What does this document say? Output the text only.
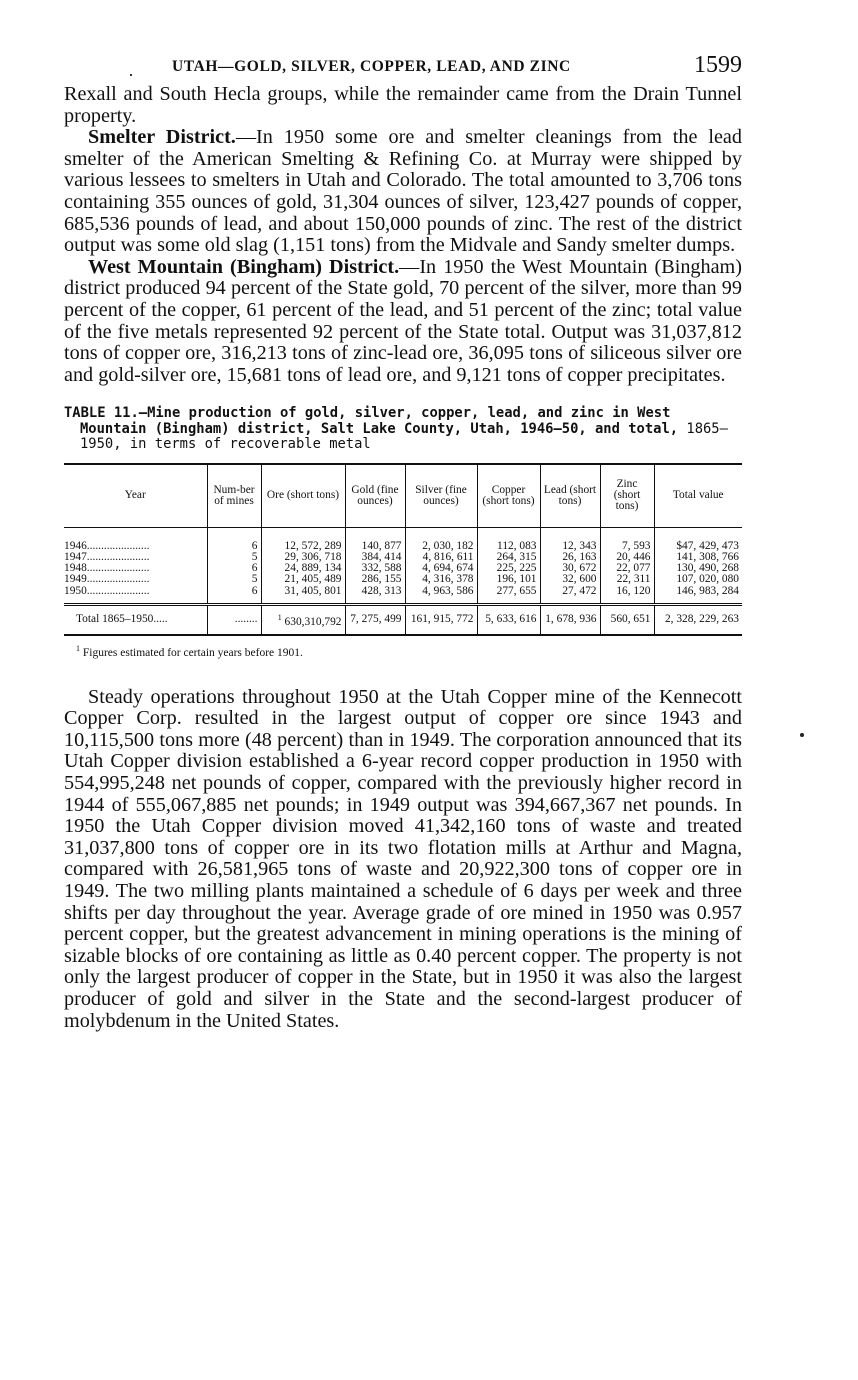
UTAH—GOLD, SILVER, COPPER, LEAD, AND ZINC	1599

Rexall and South Hecla groups, while the remainder came from the Drain Tunnel property.

Smelter District.—In 1950 some ore and smelter cleanings from the lead smelter of the American Smelting & Refining Co. at Murray were shipped by various lessees to smelters in Utah and Colorado. The total amounted to 3,706 tons containing 355 ounces of gold, 31,304 ounces of silver, 123,427 pounds of copper, 685,536 pounds of lead, and about 150,000 pounds of zinc. The rest of the district output was some old slag (1,151 tons) from the Midvale and Sandy smelter dumps.

West Mountain (Bingham) District.—In 1950 the West Mountain (Bingham) district produced 94 percent of the State gold, 70 percent of the silver, more than 99 percent of the copper, 61 percent of the lead, and 51 percent of the zinc; total value of the five metals represented 92 percent of the State total. Output was 31,037,812 tons of copper ore, 316,213 tons of zinc-lead ore, 36,095 tons of siliceous silver ore and gold-silver ore, 15,681 tons of lead ore, and 9,121 tons of copper precipitates.

TABLE 11.—Mine production of gold, silver, copper, lead, and zinc in West Mountain (Bingham) district, Salt Lake County, Utah, 1946–50, and total, 1865–1950, in terms of recoverable metal
Year	Num-ber of mines	Ore (short tons)	Gold (fine ounces)	Silver (fine ounces)	Copper (short tons)	Lead (short tons)	Zinc (short tons)	Total value
1946......................	6	12, 572, 289	140, 877	2, 030, 182	112, 083	12, 343	7, 593	$47, 429, 473
1947......................	5	29, 306, 718	384, 414	4, 816, 611	264, 315	26, 163	20, 446	141, 308, 766
1948......................	6	24, 889, 134	332, 588	4, 694, 674	225, 225	30, 672	22, 077	130, 490, 268
1949......................	5	21, 405, 489	286, 155	4, 316, 378	196, 101	32, 600	22, 311	107, 020, 080
1950......................	6	31, 405, 801	428, 313	4, 963, 586	277, 655	27, 472	16, 120	146, 983, 284
Total 1865–1950.....	........	$^1$ 630,310,792	7, 275, 499	161, 915, 772	5, 633, 616	1, 678, 936	560, 651	2, 328, 229, 263
$^1$ Figures estimated for certain years before 1901.

Steady operations throughout 1950 at the Utah Copper mine of the Kennecott Copper Corp. resulted in the largest output of copper ore since 1943 and 10,115,500 tons more (48 percent) than in 1949. The corporation announced that its Utah Copper division established a 6-year record copper production in 1950 with 554,995,248 net pounds of copper, compared with the previously higher record in 1944 of 555,067,885 net pounds; in 1949 output was 394,667,367 net pounds. In 1950 the Utah Copper division moved 41,342,160 tons of waste and treated 31,037,800 tons of copper ore in its two flotation mills at Arthur and Magna, compared with 26,581,965 tons of waste and 20,922,300 tons of copper ore in 1949. The two milling plants maintained a schedule of 6 days per week and three shifts per day throughout the year. Average grade of ore mined in 1950 was 0.957 percent copper, but the greatest advancement in mining operations is the mining of sizable blocks of ore containing as little as 0.40 percent copper. The property is not only the largest producer of copper in the State, but in 1950 it was also the largest producer of gold and silver in the State and the second-largest producer of molybdenum in the United States.
